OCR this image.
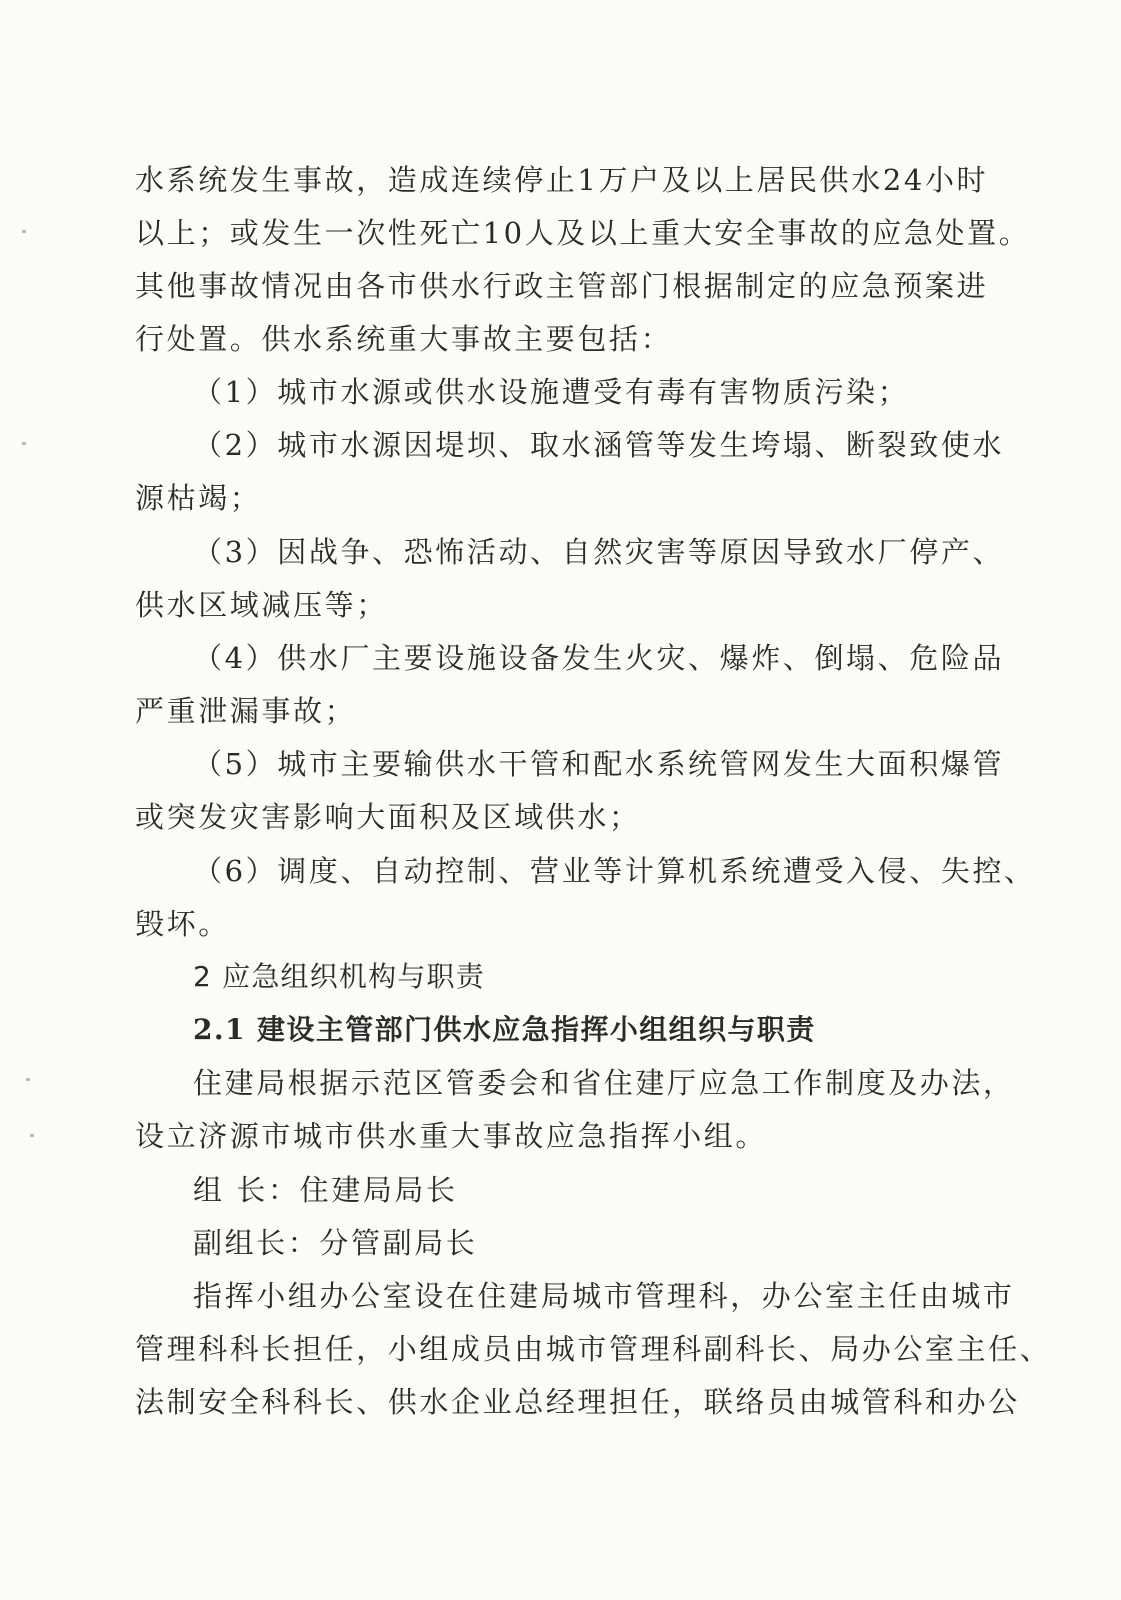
水系统发生事故，造成连续停止1万户及以上居民供水24小时
以上；或发生一次性死亡10人及以上重大安全事故的应急处置。
其他事故情况由各市供水行政主管部门根据制定的应急预案进
行处置。供水系统重大事故主要包括：
（1）城市水源或供水设施遭受有毒有害物质污染；
（2）城市水源因堤坝、取水涵管等发生垮塌、断裂致使水
源枯竭；
（3）因战争、恐怖活动、自然灾害等原因导致水厂停产、
供水区域减压等；
（4）供水厂主要设施设备发生火灾、爆炸、倒塌、危险品
严重泄漏事故；
（5）城市主要输供水干管和配水系统管网发生大面积爆管
或突发灾害影响大面积及区域供水；
（6）调度、自动控制、营业等计算机系统遭受入侵、失控、
毁坏。
2 应急组织机构与职责
2.1 建设主管部门供水应急指挥小组组织与职责
住建局根据示范区管委会和省住建厅应急工作制度及办法，
设立济源市城市供水重大事故应急指挥小组。
组 长：住建局局长
副组长：分管副局长
指挥小组办公室设在住建局城市管理科，办公室主任由城市
管理科科长担任，小组成员由城市管理科副科长、局办公室主任、
法制安全科科长、供水企业总经理担任，联络员由城管科和办公
